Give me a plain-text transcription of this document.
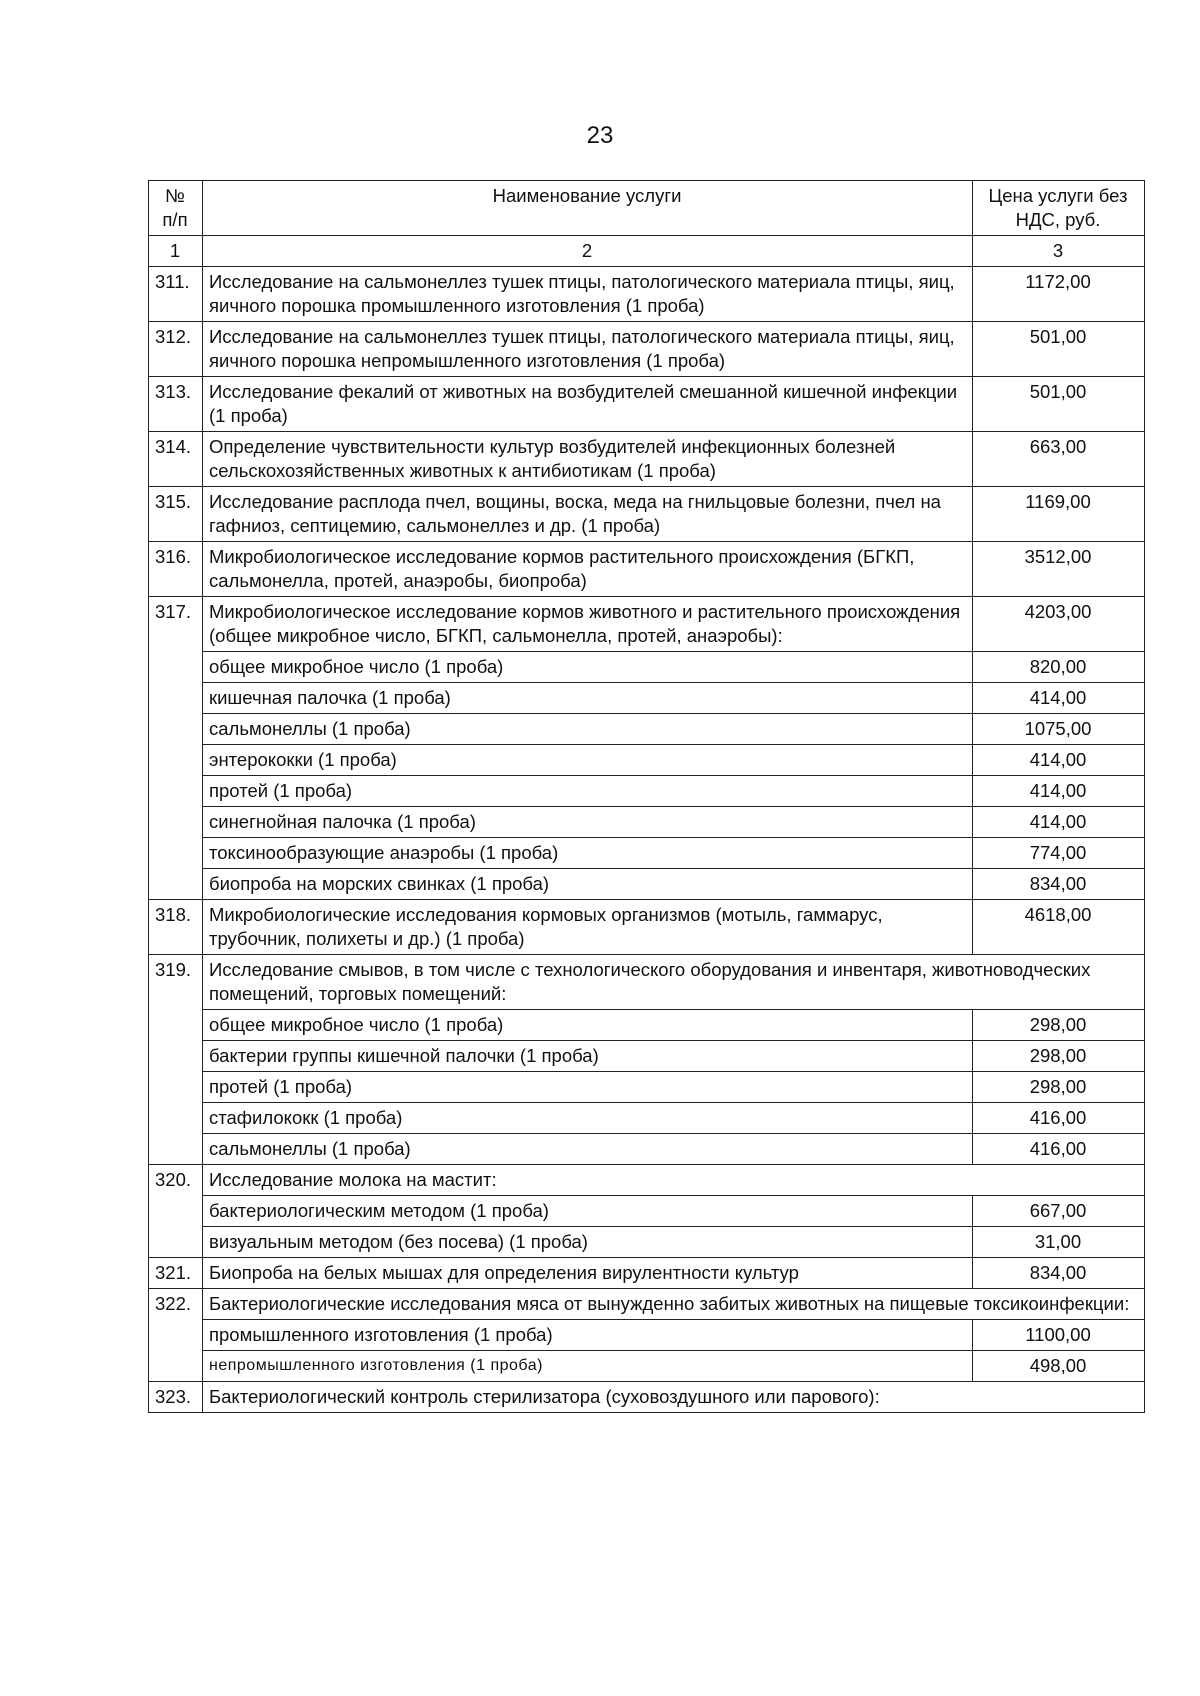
23
№ п/п	Наименование услуги	Цена услуги без НДС, руб.
1	2	3
311.	Исследование на сальмонеллез тушек птицы, патологического материала птицы, яиц, яичного порошка промышленного изготовления (1 проба)	1172,00
312.	Исследование на сальмонеллез тушек птицы, патологического материала птицы, яиц, яичного порошка непромышленного изготовления (1 проба)	501,00
313.	Исследование фекалий от животных на возбудителей смешанной кишечной инфекции (1 проба)	501,00
314.	Определение чувствительности культур возбудителей инфекционных болезней сельскохозяйственных животных к антибиотикам (1 проба)	663,00
315.	Исследование расплода пчел, вощины, воска, меда на гнильцовые болезни, пчел на гафниоз, септицемию, сальмонеллез и др. (1 проба)	1169,00
316.	Микробиологическое исследование кормов растительного происхождения (БГКП, сальмонелла, протей, анаэробы, биопроба)	3512,00
317.	Микробиологическое исследование кормов животного и растительного происхождения (общее микробное число, БГКП, сальмонелла, протей, анаэробы):	4203,00
	общее микробное число (1 проба)	820,00
	кишечная палочка (1 проба)	414,00
	сальмонеллы (1 проба)	1075,00
	энтерококки (1 проба)	414,00
	протей (1 проба)	414,00
	синегнойная палочка (1 проба)	414,00
	токсинообразующие анаэробы (1 проба)	774,00
	биопроба на морских свинках (1 проба)	834,00
318.	Микробиологические исследования кормовых организмов (мотыль, гаммарус, трубочник, полихеты и др.) (1 проба)	4618,00
319.	Исследование смывов, в том числе с технологического оборудования и инвентаря, животноводческих помещений, торговых помещений:	
	общее микробное число (1 проба)	298,00
	бактерии группы кишечной палочки (1 проба)	298,00
	протей (1 проба)	298,00
	стафилококк (1 проба)	416,00
	сальмонеллы (1 проба)	416,00
320.	Исследование молока на мастит:	
	бактериологическим методом (1 проба)	667,00
	визуальным методом (без посева) (1 проба)	31,00
321.	Биопроба на белых мышах для определения вирулентности культур	834,00
322.	Бактериологические исследования мяса от вынужденно забитых животных на пищевые токсикоинфекции:	
	промышленного изготовления (1 проба)	1100,00
	непромышленного изготовления (1 проба)	498,00
323.	Бактериологический контроль стерилизатора (суховоздушного или парового):	
